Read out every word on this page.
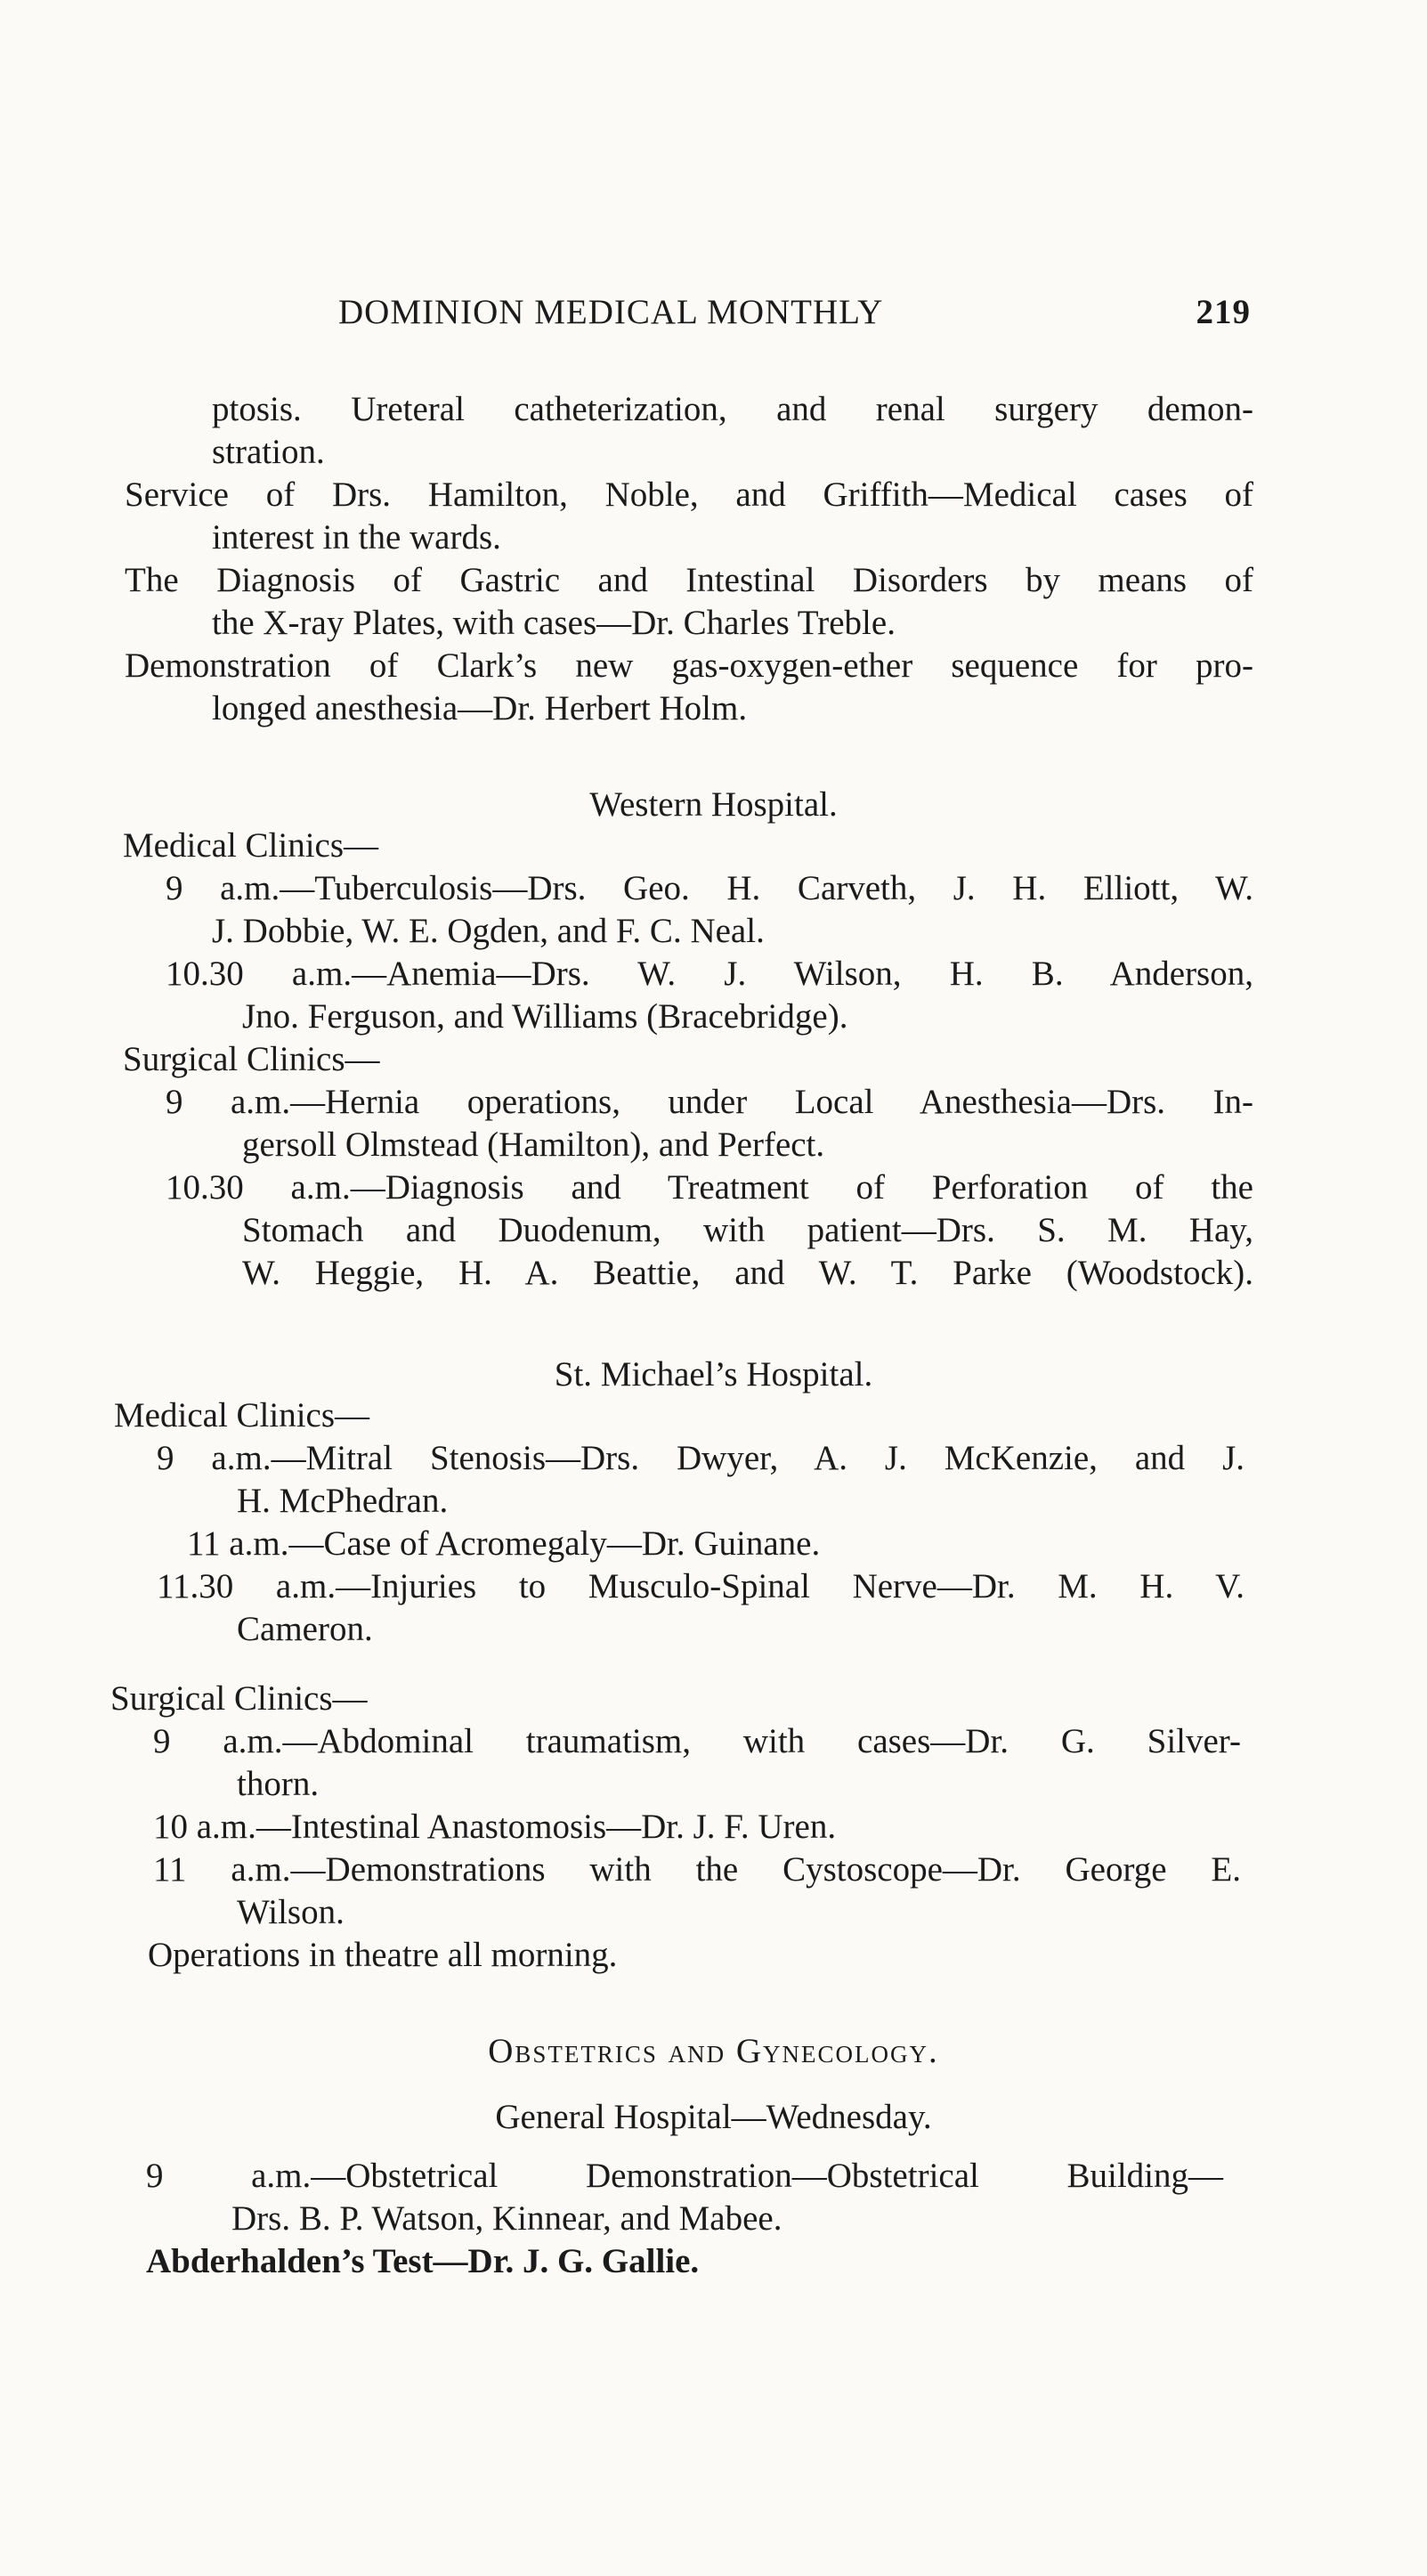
DOMINION MEDICAL MONTHLY	219
ptosis. Ureteral catheterization, and renal surgery demon-
stration.
Service of Drs. Hamilton, Noble, and Griffith—Medical cases of
interest in the wards.
The Diagnosis of Gastric and Intestinal Disorders by means of
the X-ray Plates, with cases—Dr. Charles Treble.
Demonstration of Clark’s new gas-oxygen-ether sequence for pro-
longed anesthesia—Dr. Herbert Holm.
Western Hospital.
Medical Clinics—
9 a.m.—Tuberculosis—Drs. Geo. H. Carveth, J. H. Elliott, W.
J. Dobbie, W. E. Ogden, and F. C. Neal.
10.30 a.m.—Anemia—Drs. W. J. Wilson, H. B. Anderson,
Jno. Ferguson, and Williams (Bracebridge).
Surgical Clinics—
9 a.m.—Hernia operations, under Local Anesthesia—Drs. In-
gersoll Olmstead (Hamilton), and Perfect.
10.30 a.m.—Diagnosis and Treatment of Perforation of the
Stomach and Duodenum, with patient—Drs. S. M. Hay,
W. Heggie, H. A. Beattie, and W. T. Parke (Woodstock).
St. Michael’s Hospital.
Medical Clinics—
9 a.m.—Mitral Stenosis—Drs. Dwyer, A. J. McKenzie, and J.
H. McPhedran.
11 a.m.—Case of Acromegaly—Dr. Guinane.
11.30 a.m.—Injuries to Musculo-Spinal Nerve—Dr. M. H. V.
Cameron.
Surgical Clinics—
9 a.m.—Abdominal traumatism, with cases—Dr. G. Silver-
thorn.
10 a.m.—Intestinal Anastomosis—Dr. J. F. Uren.
11 a.m.—Demonstrations with the Cystoscope—Dr. George E.
Wilson.
Operations in theatre all morning.
Obstetrics and Gynecology.
General Hospital—Wednesday.
9 a.m.—Obstetrical Demonstration—Obstetrical Building—
Drs. B. P. Watson, Kinnear, and Mabee.
Abderhalden’s Test—Dr. J. G. Gallie.
